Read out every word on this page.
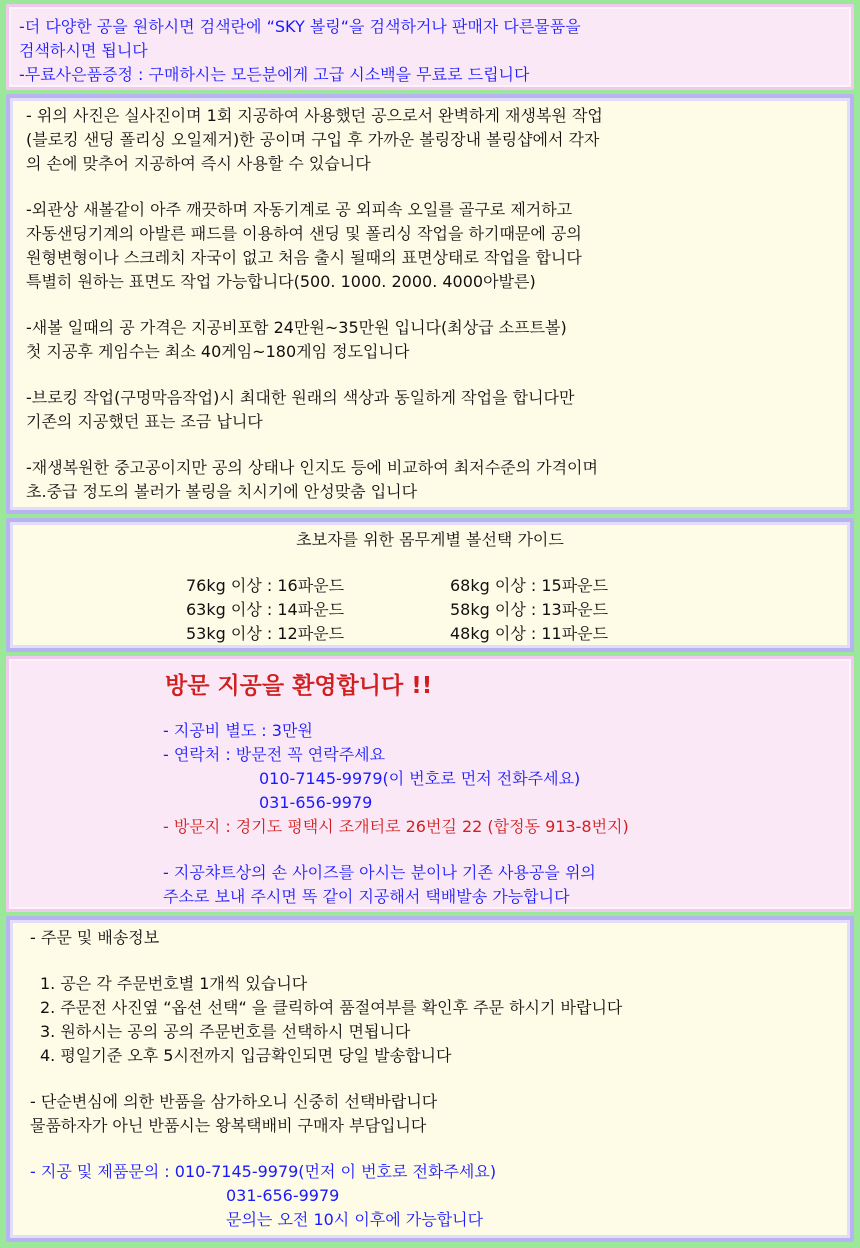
-더 다양한 공을 원하시면 검색란에 “SKY 볼링“을 검색하거나 판매자 다른물품을
검색하시면 됩니다
-무료사은품증정 : 구매하시는 모든분에게 고급 시소백을 무료로 드립니다
- 위의 사진은 실사진이며 1회 지공하여 사용했던 공으로서 완벽하게 재생복원 작업
(블로킹 샌딩 폴리싱 오일제거)한 공이며 구입 후 가까운 볼링장내 볼링샵에서 각자
의 손에 맞추어 지공하여 즉시 사용할 수 있습니다
-외관상 새볼같이 아주 깨끗하며 자동기계로 공 외피속 오일를 골구로 제거하고
자동샌딩기계의 아발른 패드를 이용하여 샌딩 및 폴리싱 작업을 하기때문에 공의
원형변형이나 스크레치 자국이 없고 처음 출시 될때의 표면상태로 작업을 합니다
특별히 원하는 표면도 작업 가능합니다(500. 1000. 2000. 4000아발른)
-새볼 일때의 공 가격은 지공비포함 24만원~35만원 입니다(최상급 소프트볼)
첫 지공후 게임수는 최소 40게임~180게임 정도입니다
-브로킹 작업(구멍막음작업)시 최대한 원래의 색상과 동일하게 작업을 합니다만
기존의 지공했던 표는 조금 납니다
-재생복원한 중고공이지만 공의 상태나 인지도 등에 비교하여 최저수준의 가격이며
초.중급 정도의 볼러가 볼링을 치시기에 안성맞춤 입니다
초보자를 위한 몸무게별 볼선택 가이드
76kg 이상 : 16파운드
63kg 이상 : 14파운드
53kg 이상 : 12파운드
68kg 이상 : 15파운드
58kg 이상 : 13파운드
48kg 이상 : 11파운드
방문 지공을 환영합니다 !!
- 지공비 별도 : 3만원
- 연락처 : 방문전 꼭 연락주세요
010-7145-9979(이 번호로 먼저 전화주세요)
031-656-9979
- 방문지 : 경기도 평택시 조개터로 26번길 22 (합정동 913-8번지)
- 지공챠트상의 손 사이즈를 아시는 분이나 기존 사용공을 위의
주소로 보내 주시면 똑 같이 지공해서 택배발송 가능합니다
- 주문 및 배송정보
1. 공은 각 주문번호별 1개씩 있습니다
2. 주문전 사진옆 “옵션 선택“ 을 클릭하여 품절여부를 확인후 주문 하시기 바랍니다
3. 원하시는 공의 공의 주문번호를 선택하시 면됩니다
4. 평일기준 오후 5시전까지 입금확인되면 당일 발송합니다
- 단순변심에 의한 반품을 삼가하오니 신중히 선택바랍니다
물품하자가 아닌 반품시는 왕복택배비 구매자 부담입니다
- 지공 및 제품문의 : 010-7145-9979(먼저 이 번호로 전화주세요)
031-656-9979
문의는 오전 10시 이후에 가능합니다
